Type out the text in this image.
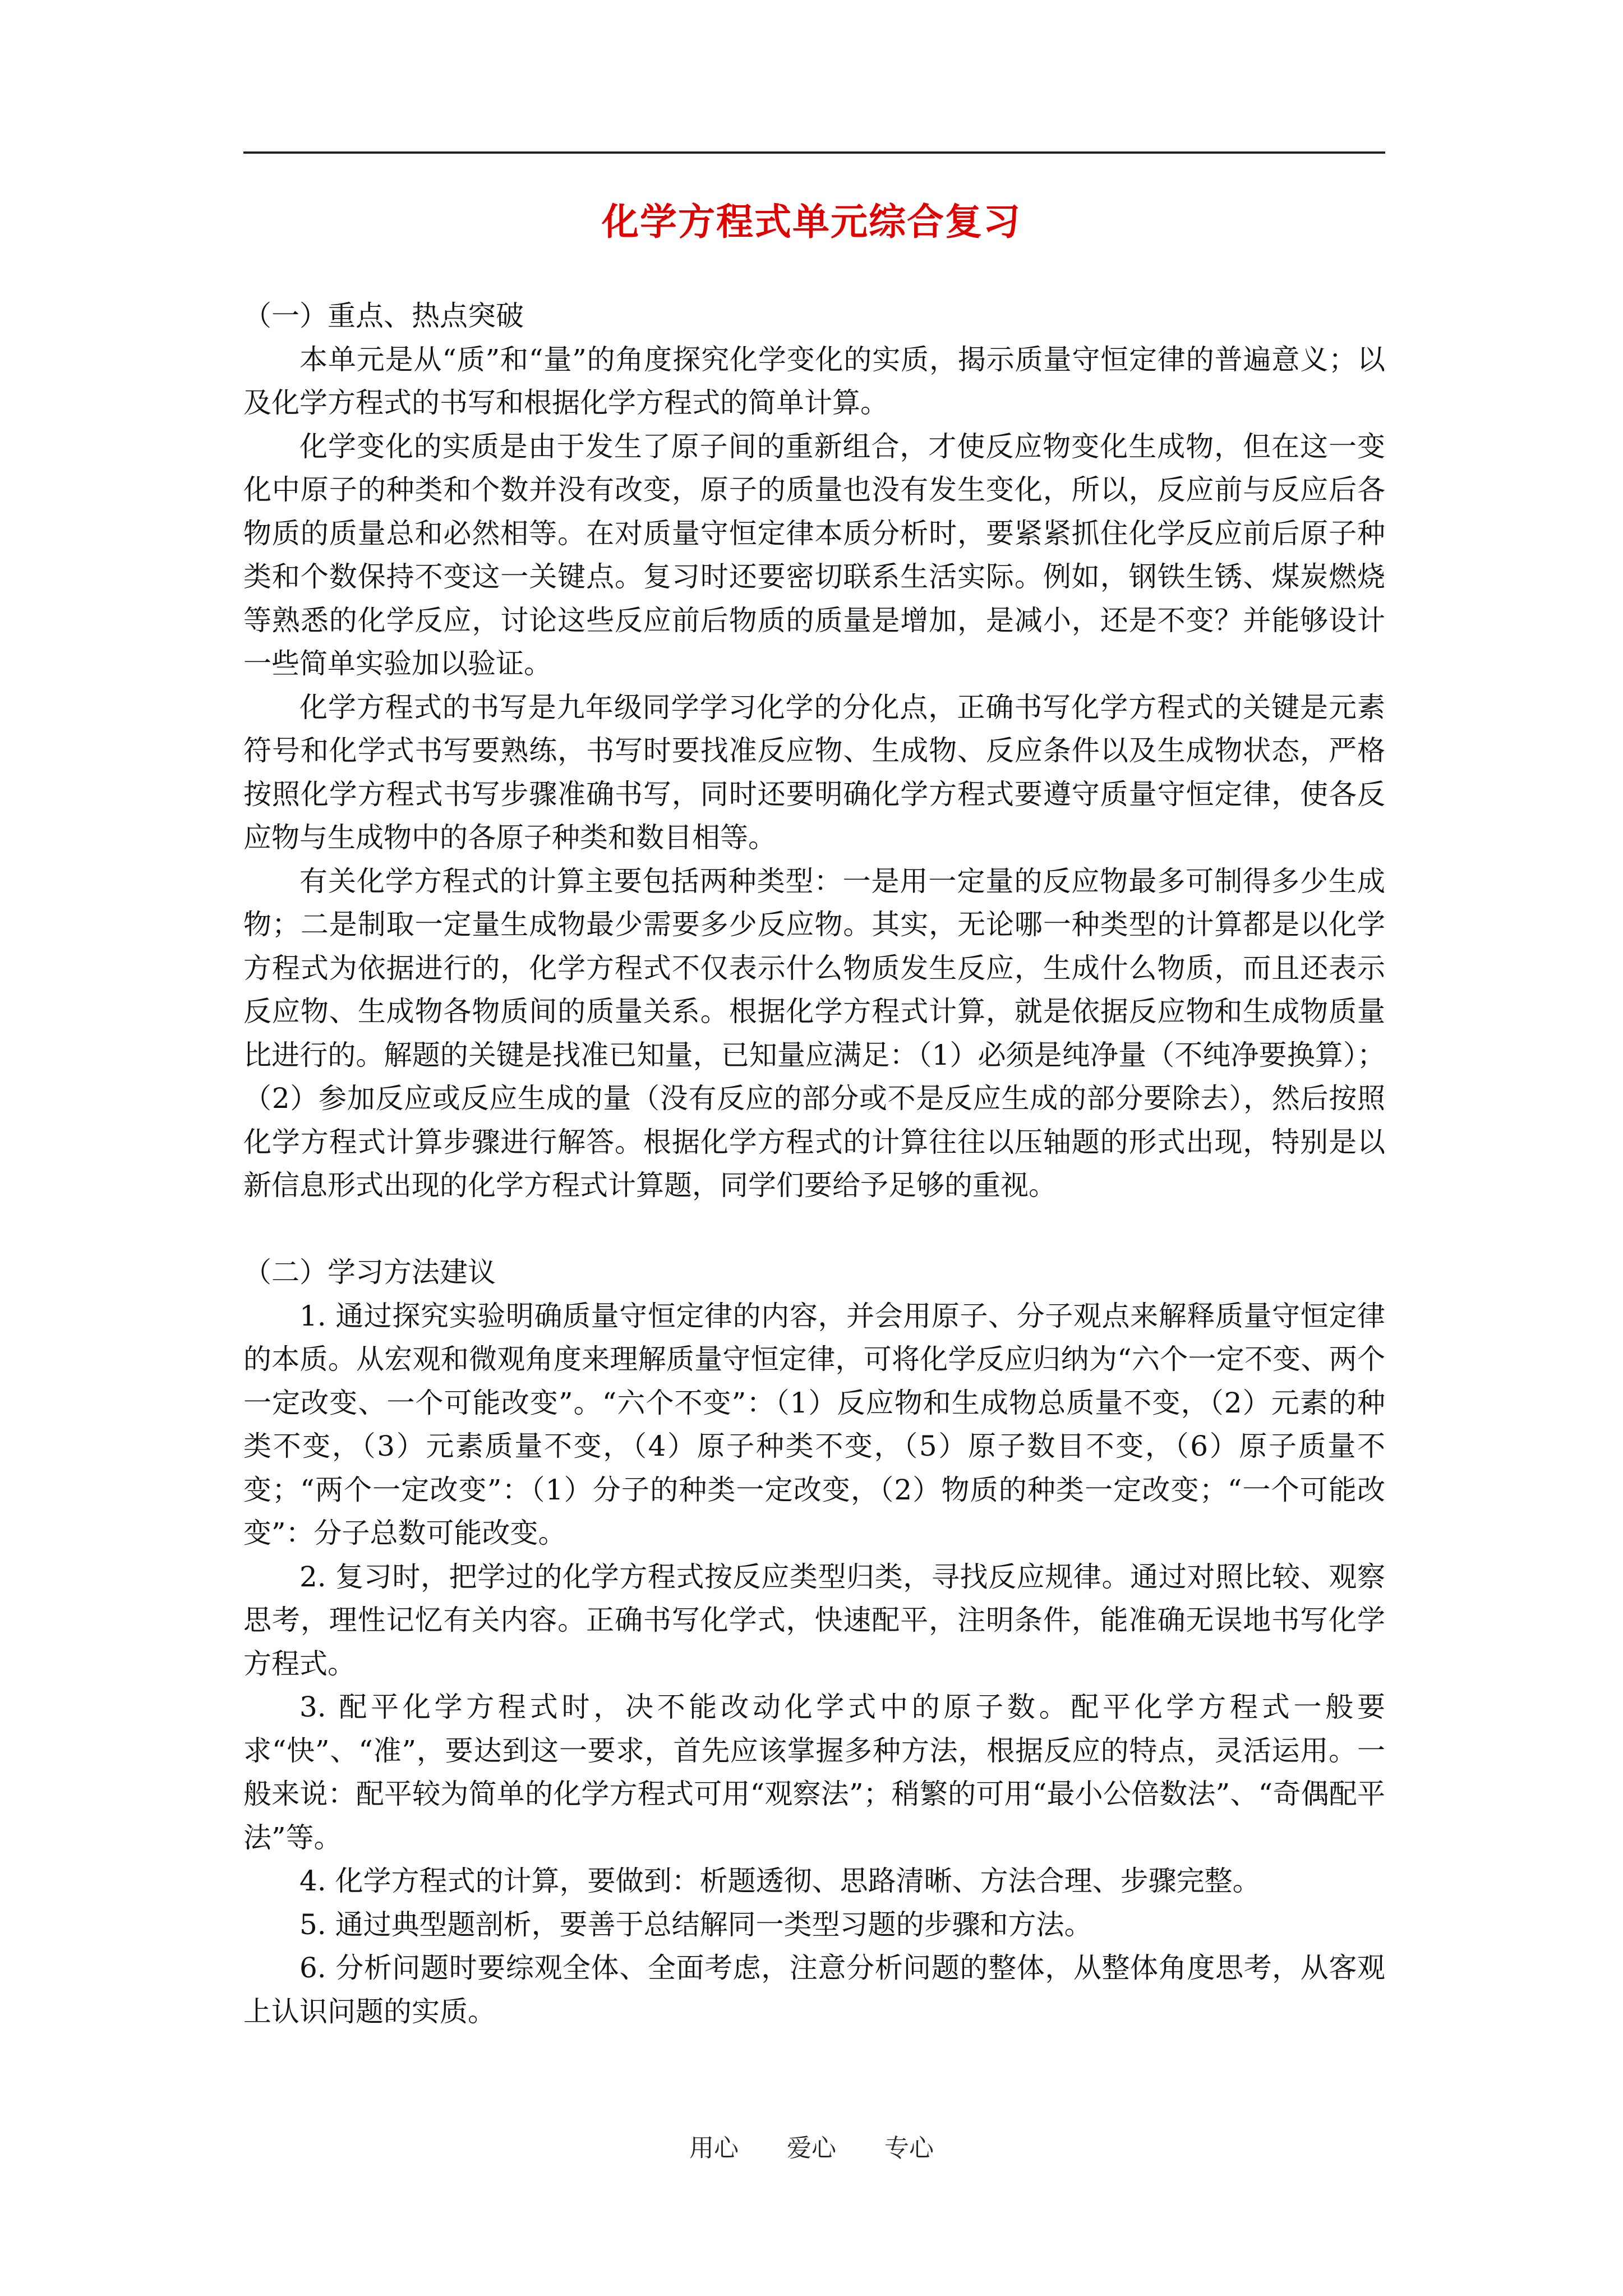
化学方程式单元综合复习

（一）重点、热点突破

本单元是从“质”和“量”的角度探究化学变化的实质，揭示质量守恒定律的普遍意义；以及化学方程式的书写和根据化学方程式的简单计算。

化学变化的实质是由于发生了原子间的重新组合，才使反应物变化生成物，但在这一变化中原子的种类和个数并没有改变，原子的质量也没有发生变化，所以，反应前与反应后各物质的质量总和必然相等。在对质量守恒定律本质分析时，要紧紧抓住化学反应前后原子种类和个数保持不变这一关键点。复习时还要密切联系生活实际。例如，钢铁生锈、煤炭燃烧等熟悉的化学反应，讨论这些反应前后物质的质量是增加，是减小，还是不变？并能够设计一些简单实验加以验证。

化学方程式的书写是九年级同学学习化学的分化点，正确书写化学方程式的关键是元素符号和化学式书写要熟练，书写时要找准反应物、生成物、反应条件以及生成物状态，严格按照化学方程式书写步骤准确书写，同时还要明确化学方程式要遵守质量守恒定律，使各反应物与生成物中的各原子种类和数目相等。

有关化学方程式的计算主要包括两种类型：一是用一定量的反应物最多可制得多少生成物；二是制取一定量生成物最少需要多少反应物。其实，无论哪一种类型的计算都是以化学方程式为依据进行的，化学方程式不仅表示什么物质发生反应，生成什么物质，而且还表示反应物、生成物各物质间的质量关系。根据化学方程式计算，就是依据反应物和生成物质量比进行的。解题的关键是找准已知量，已知量应满足：（1）必须是纯净量（不纯净要换算）；（2）参加反应或反应生成的量（没有反应的部分或不是反应生成的部分要除去），然后按照化学方程式计算步骤进行解答。根据化学方程式的计算往往以压轴题的形式出现，特别是以新信息形式出现的化学方程式计算题，同学们要给予足够的重视。

（二）学习方法建议

1. 通过探究实验明确质量守恒定律的内容，并会用原子、分子观点来解释质量守恒定律的本质。从宏观和微观角度来理解质量守恒定律，可将化学反应归纳为“六个一定不变、两个一定改变、一个可能改变”。“六个不变”：（1）反应物和生成物总质量不变，（2）元素的种类不变，（3）元素质量不变，（4）原子种类不变，（5）原子数目不变，（6）原子质量不变；“两个一定改变”：（1）分子的种类一定改变，（2）物质的种类一定改变；“一个可能改变”：分子总数可能改变。

2. 复习时，把学过的化学方程式按反应类型归类，寻找反应规律。通过对照比较、观察思考，理性记忆有关内容。正确书写化学式，快速配平，注明条件，能准确无误地书写化学方程式。

3. 配平化学方程式时，决不能改动化学式中的原子数。配平化学方程式一般要求“快”、“准”，要达到这一要求，首先应该掌握多种方法，根据反应的特点，灵活运用。一般来说：配平较为简单的化学方程式可用“观察法”；稍繁的可用“最小公倍数法”、“奇偶配平法”等。

4. 化学方程式的计算，要做到：析题透彻、思路清晰、方法合理、步骤完整。

5. 通过典型题剖析，要善于总结解同一类型习题的步骤和方法。

6. 分析问题时要综观全体、全面考虑，注意分析问题的整体，从整体角度思考，从客观上认识问题的实质。

用心 爱心 专心
